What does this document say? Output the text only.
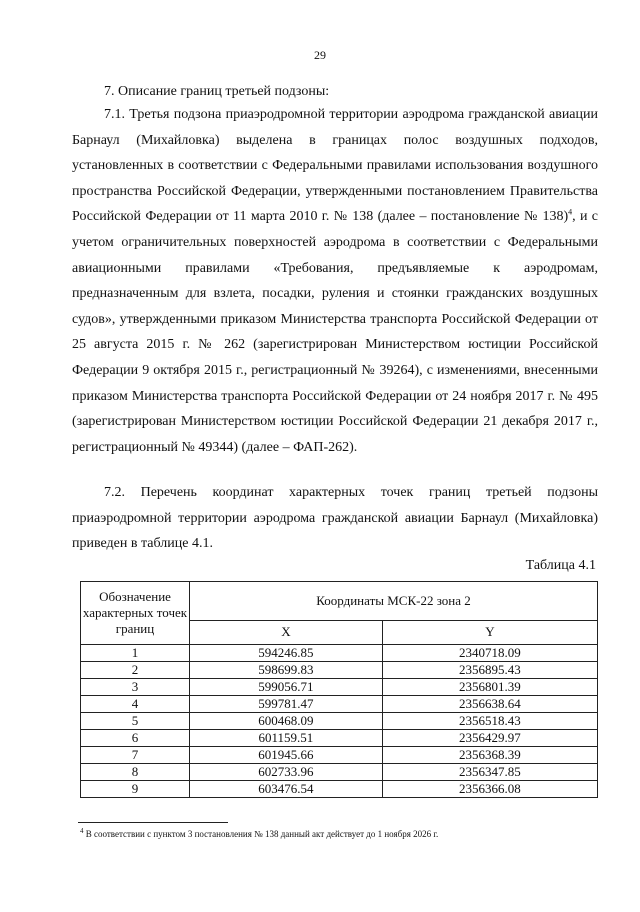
29
7. Описание границ третьей подзоны:

7.1. Третья подзона приаэродромной территории аэродрома гражданской авиации Барнаул (Михайловка) выделена в границах полос воздушных подходов, установленных в соответствии с Федеральными правилами использования воздушного пространства Российской Федерации, утвержденными постановлением Правительства Российской Федерации от 11 марта 2010 г. № 138 (далее – постановление № 138)$^4$, и с учетом ограничительных поверхностей аэродрома в соответствии с Федеральными авиационными правилами «Требования, предъявляемые к аэродромам, предназначенным для взлета, посадки, руления и стоянки гражданских воздушных судов», утвержденными приказом Министерства транспорта Российской Федерации от 25 августа 2015 г. № 262 (зарегистрирован Министерством юстиции Российской Федерации 9 октября 2015 г., регистрационный № 39264), с изменениями, внесенными приказом Министерства транспорта Российской Федерации от 24 ноября 2017 г. № 495 (зарегистрирован Министерством юстиции Российской Федерации 21 декабря 2017 г., регистрационный № 49344) (далее – ФАП-262).

7.2. Перечень координат характерных точек границ третьей подзоны приаэродромной территории аэродрома гражданской авиации Барнаул (Михайловка) приведен в таблице 4.1.

Таблица 4.1
Обозначение характерных точек границ	Координаты МСК-22 зона 2	
	X	Y
1	594246.85	2340718.09
2	598699.83	2356895.43
3	599056.71	2356801.39
4	599781.47	2356638.64
5	600468.09	2356518.43
6	601159.51	2356429.97
7	601945.66	2356368.39
8	602733.96	2356347.85
9	603476.54	2356366.08
$^4$ В соответствии с пунктом 3 постановления № 138 данный акт действует до 1 ноября 2026 г.
